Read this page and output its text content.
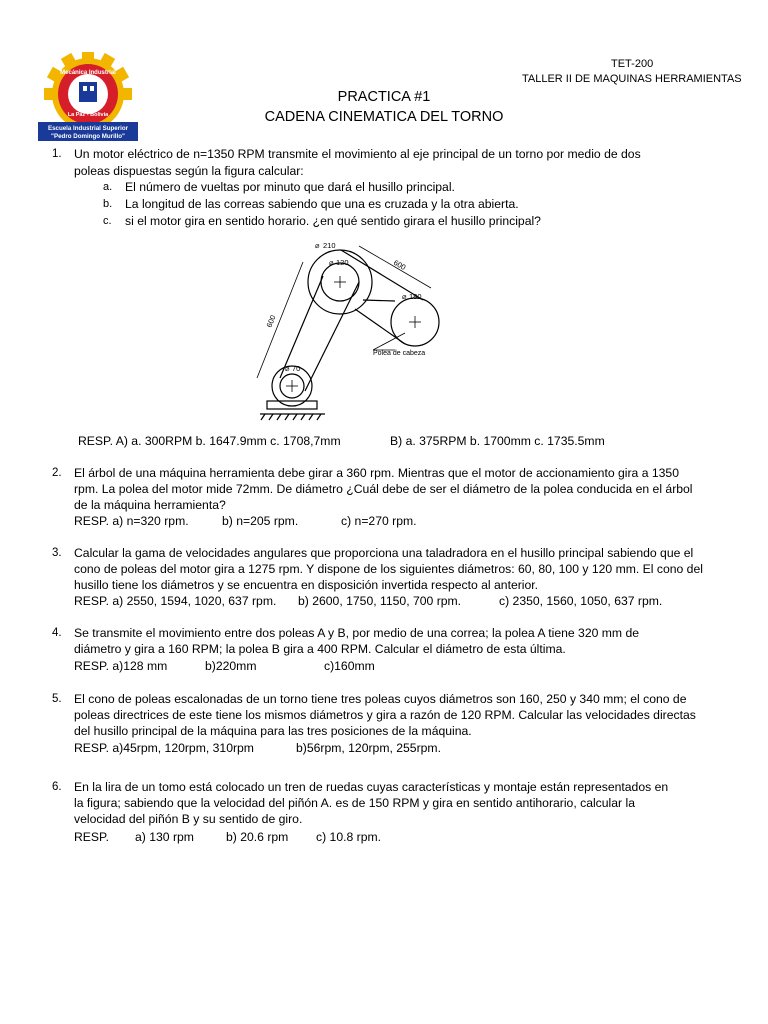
TET-200
TALLER II DE MAQUINAS HERRAMIENTAS
PRACTICA #1
CADENA CINEMATICA DEL TORNO
Mecánica Industrial
La Paz - Bolivia
Escuela Industrial Superior
"Pedro Domingo Murillo"
1. Un motor eléctrico de n=1350 RPM transmite el movimiento al eje principal de un torno por medio de dos
poleas dispuestas según la figura calcular:
a. El número de vueltas por minuto que dará el husillo principal.
b. La longitud de las correas sabiendo que una es cruzada y la otra abierta.
c. si el motor gira en sentido horario. ¿en qué sentido girara el husillo principal?
⌀ 210
⌀ 120
⌀ 180
⌀ 70
Polea de cabeza
600
600
RESP. A) a. 300RPM b. 1647.9mm c. 1708,7mm	B) a. 375RPM b. 1700mm c. 1735.5mm
2. El árbol de una máquina herramienta debe girar a 360 rpm. Mientras que el motor de accionamiento gira a 1350
rpm. La polea del motor mide 72mm. De diámetro ¿Cuál debe de ser el diámetro de la polea conducida en el árbol
de la máquina herramienta?
RESP. a) n=320 rpm.	b) n=205 rpm.	c) n=270 rpm.
3. Calcular la gama de velocidades angulares que proporciona una taladradora en el husillo principal sabiendo que el
cono de poleas del motor gira a 1275 rpm. Y dispone de los siguientes diámetros: 60, 80, 100 y 120 mm. El cono del
husillo tiene los diámetros y se encuentra en disposición invertida respecto al anterior.
RESP. a) 2550, 1594, 1020, 637 rpm. b) 2600, 1750, 1150, 700 rpm.	c) 2350, 1560, 1050, 637 rpm.
4. Se transmite el movimiento entre dos poleas A y B, por medio de una correa; la polea A tiene 320 mm de
diámetro y gira a 160 RPM; la polea B gira a 400 RPM. Calcular el diámetro de esta última.
RESP. a)128 mm	b)220mm	c)160mm
5. El cono de poleas escalonadas de un torno tiene tres poleas cuyos diámetros son 160, 250 y 340 mm; el cono de
poleas directrices de este tiene los mismos diámetros y gira a razón de 120 RPM. Calcular las velocidades directas
del husillo principal de la máquina para las tres posiciones de la máquina.
RESP. a)45rpm, 120rpm, 310rpm	b)56rpm, 120rpm, 255rpm.
6. En la lira de un tomo está colocado un tren de ruedas cuyas características y montaje están representados en
la figura; sabiendo que la velocidad del piñón A. es de 150 RPM y gira en sentido antihorario, calcular la
velocidad del piñón B y su sentido de giro.
RESP. a) 130 rpm	b) 20.6 rpm c) 10.8 rpm.
